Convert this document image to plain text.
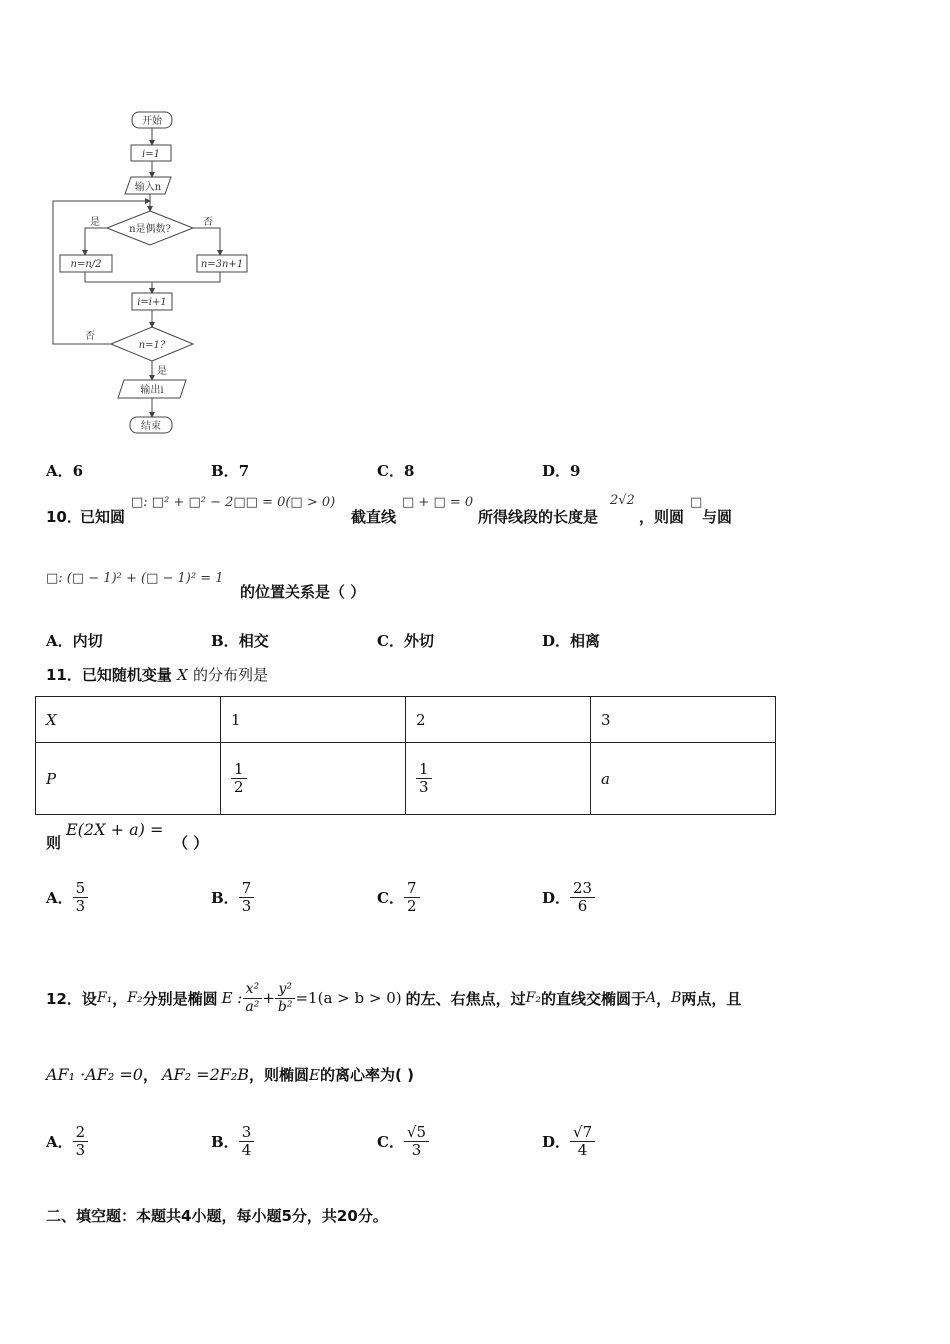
开始
i=1
输入n
n是偶数?
是	否
n=n/2	n=3n+1
i=i+1
n=1?
否
是
输出i
结束
A．6	B．7	C．8	D．9
10．
已知圆
□: □² + □² − 2□□ = 0(□ > 0)
截直线
□ + □ = 0
所得线段的长度是
2√2
，则圆
□
与圆
□: (□ − 1)² + (□ − 1)² = 1
的位置关系是（ ）
A．内切	B．相交	C．外切	D．相离
11．已知随机变量 X 的分布列是
X	1	2	3
P	$\frac{1}{2}$	$\frac{1}{3}$	a
则
E(2X + a) =
（ ）
A． $\frac{5}{3}$	B． $\frac{7}{3}$	C． $\frac{7}{2}$	D． $\frac{23}{6}$
12． 设 F₁ ， F₂ 分别是椭圆 E : $\frac{\text{x²}}{\text{a²}} + \frac{\text{y²}}{\text{b²}} =1(a > b > 0)$ 的左、右焦点，过 F₂ 的直线交椭圆于 A ， B 两点，且
AF₁ ·AF₂ =0 ， AF₂ =2F₂B ，则椭圆 E 的离心率为( )
A． $\frac{2}{3}$	B． $\frac{3}{4}$	C． $\frac{√5}{3}$	D． $\frac{√7}{4}$
二、填空题：本题共4小题，每小题5分，共20分。
